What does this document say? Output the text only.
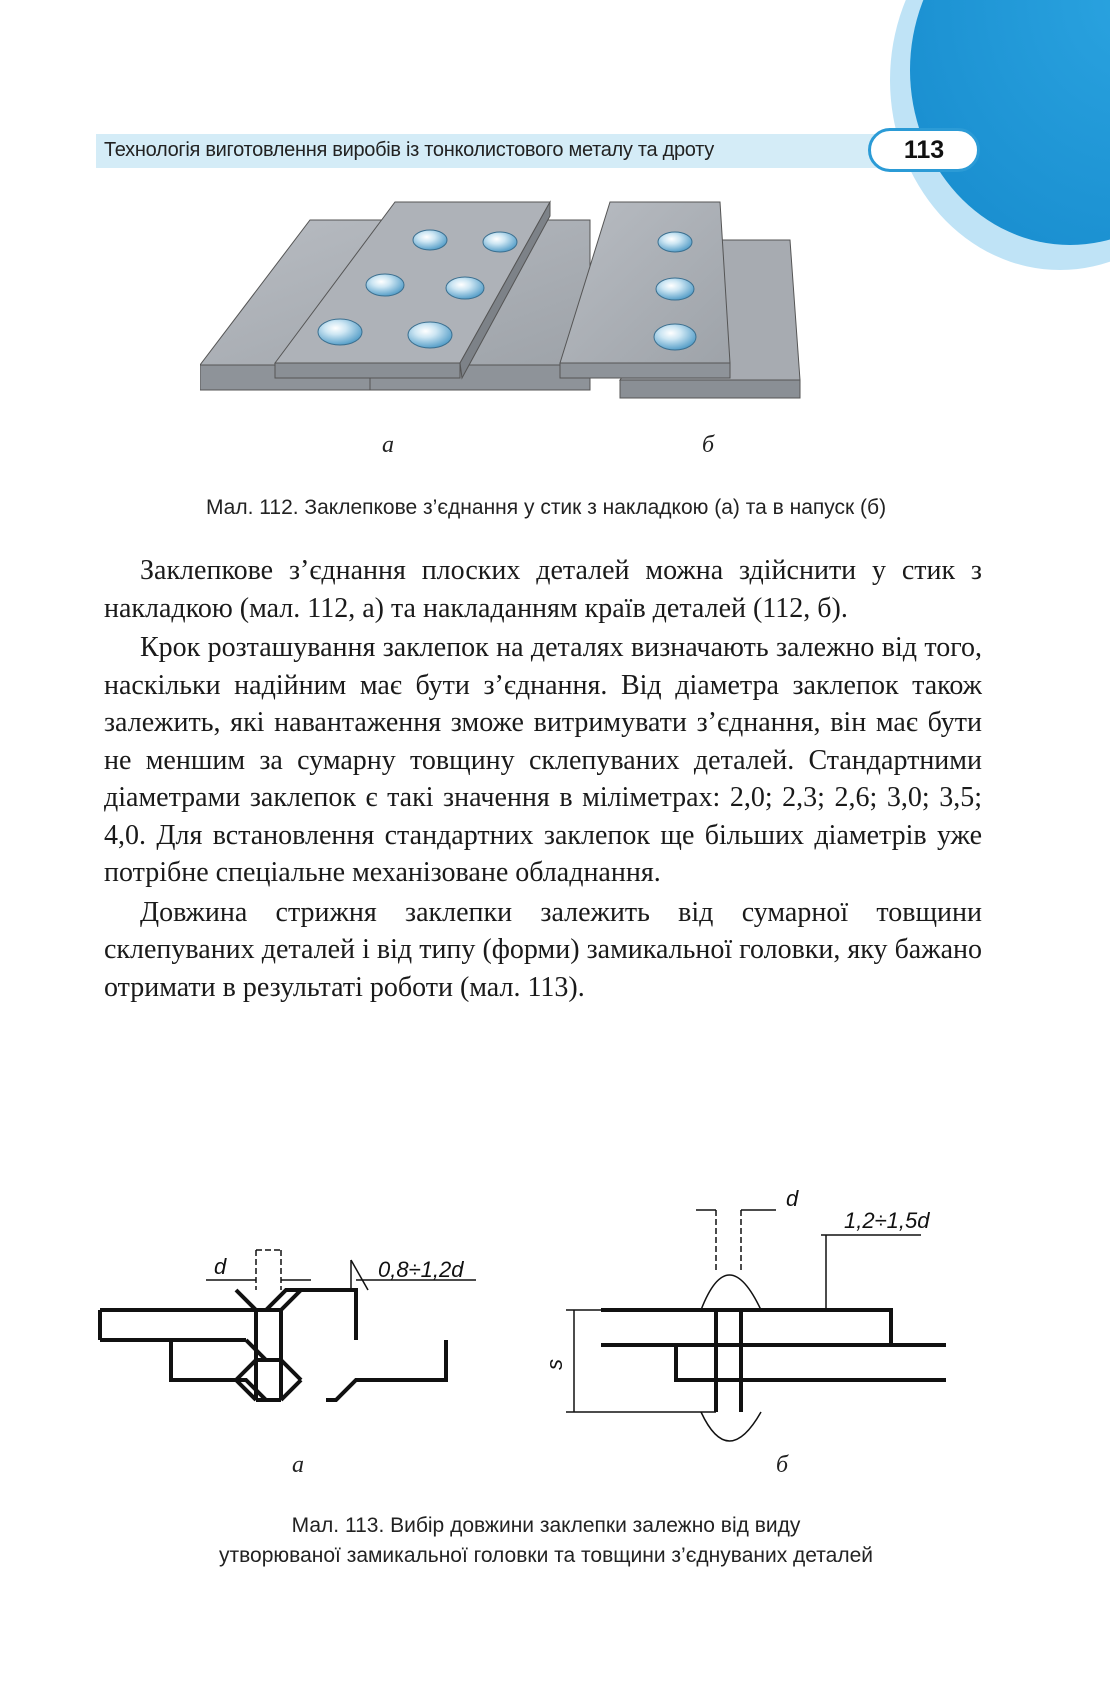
Технологія виготовлення виробів із тонколистового металу та дроту	113
а	б
Мал. 112. Заклепкове з’єднання у стик з накладкою (а) та в напуск (б)

Заклепкове з’єднання плоских деталей можна здійснити у стик з накладкою (мал. 112, а) та накладанням країв деталей (112, б).

Крок розташування заклепок на деталях визначають залежно від того, наскільки надійним має бути з’єднання. Від діаметра заклепок також залежить, які навантаження зможе витримувати з’єднання, він має бути не меншим за сумарну товщину склепуваних деталей. Стандартними діаметрами заклепок є такі значення в міліметрах: 2,0; 2,3; 2,6; 3,0; 3,5; 4,0. Для встановлення стандартних заклепок ще більших діаметрів уже потрібне спеціальне механізоване обладнання.

Довжина стрижня заклепки залежить від сумарної товщини склепуваних деталей і від типу (форми) замикальної головки, яку бажано отримати в результаті роботи (мал. 113).

d	0,8÷1,2d
d
1,2÷1,5d
s
а	б
Мал. 113. Вибір довжини заклепки залежно від виду
утворюваної замикальної головки та товщини з’єднуваних деталей
